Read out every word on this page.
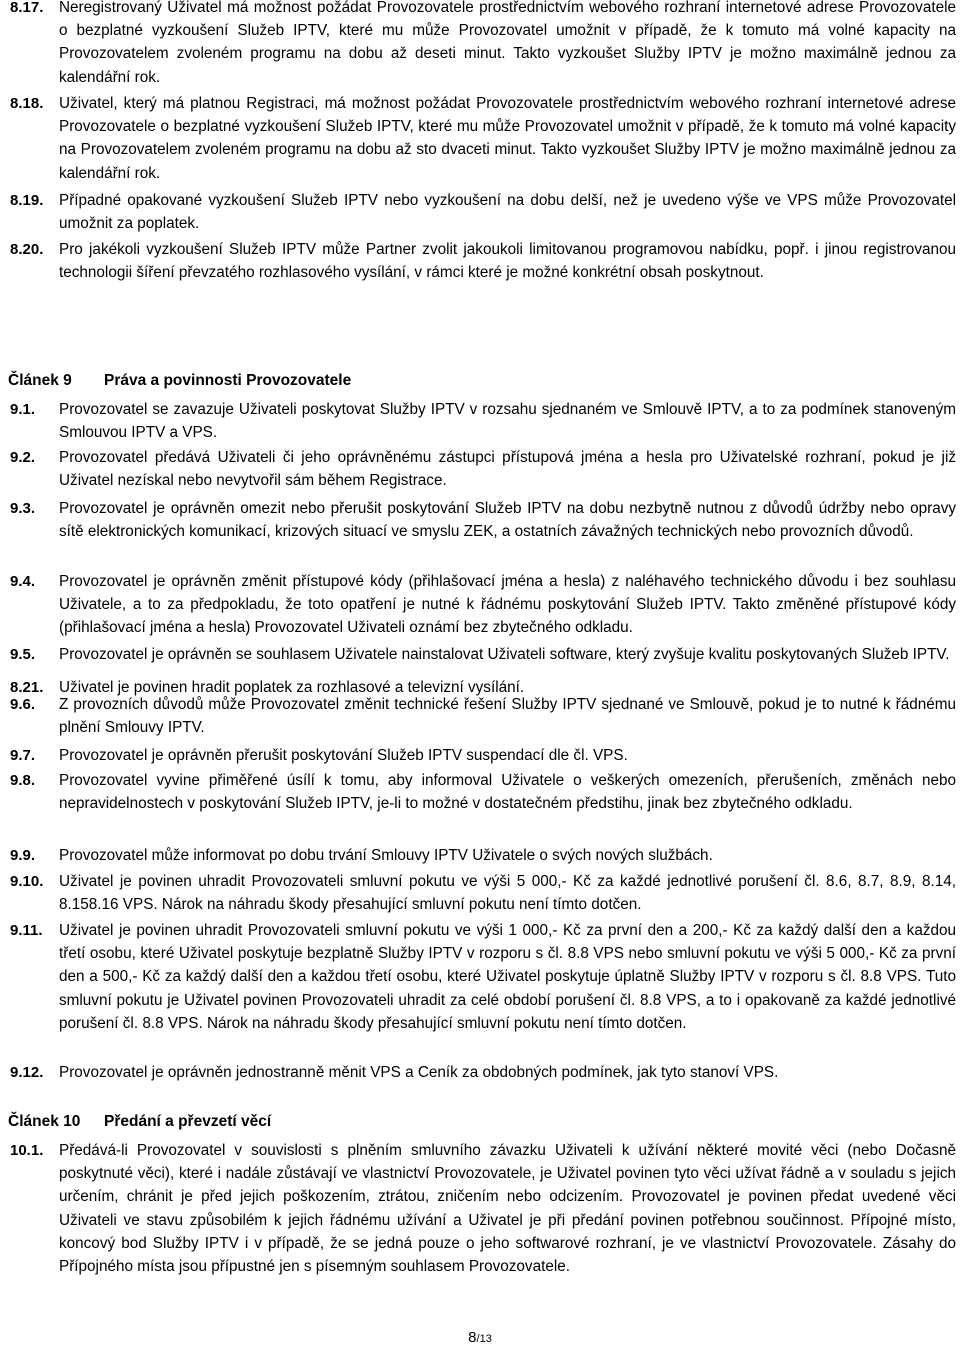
8.17. Neregistrovaný Uživatel má možnost požádat Provozovatele prostřednictvím webového rozhraní internetové adrese Provozovatele o bezplatné vyzkoušení Služeb IPTV, které mu může Provozovatel umožnit v případě, že k tomuto má volné kapacity na Provozovatelem zvoleném programu na dobu až deseti minut. Takto vyzkoušet Služby IPTV je možno maximálně jednou za kalendářní rok.

8.18. Uživatel, který má platnou Registraci, má možnost požádat Provozovatele prostřednictvím webového rozhraní internetové adrese Provozovatele o bezplatné vyzkoušení Služeb IPTV, které mu může Provozovatel umožnit v případě, že k tomuto má volné kapacity na Provozovatelem zvoleném programu na dobu až sto dvaceti minut. Takto vyzkoušet Služby IPTV je možno maximálně jednou za kalendářní rok.

8.19. Případné opakované vyzkoušení Služeb IPTV nebo vyzkoušení na dobu delší, než je uvedeno výše ve VPS může Provozovatel umožnit za poplatek.

8.20. Pro jakékoli vyzkoušení Služeb IPTV může Partner zvolit jakoukoli limitovanou programovou nabídku, popř. i jinou registrovanou technologii šíření převzatého rozhlasového vysílání, v rámci které je možné konkrétní obsah poskytnout.

8.21. Uživatel je povinen hradit poplatek za rozhlasové a televizní vysílání.

Článek 9 Práva a povinnosti Provozovatele
9.1. Provozovatel se zavazuje Uživateli poskytovat Služby IPTV v rozsahu sjednaném ve Smlouvě IPTV, a to za podmínek stanoveným Smlouvou IPTV a VPS.

9.2. Provozovatel předává Uživateli či jeho oprávněnému zástupci přístupová jména a hesla pro Uživatelské rozhraní, pokud je již Uživatel nezískal nebo nevytvořil sám během Registrace.

9.3. Provozovatel je oprávněn omezit nebo přerušit poskytování Služeb IPTV na dobu nezbytně nutnou z důvodů údržby nebo opravy sítě elektronických komunikací, krizových situací ve smyslu ZEK, a ostatních závažných technických nebo provozních důvodů.

9.4. Provozovatel je oprávněn změnit přístupové kódy (přihlašovací jména a hesla) z naléhavého technického důvodu i bez souhlasu Uživatele, a to za předpokladu, že toto opatření je nutné k řádnému poskytování Služeb IPTV. Takto změněné přístupové kódy (přihlašovací jména a hesla) Provozovatel Uživateli oznámí bez zbytečného odkladu.

9.5. Provozovatel je oprávněn se souhlasem Uživatele nainstalovat Uživateli software, který zvyšuje kvalitu poskytovaných Služeb IPTV.

9.6. Z provozních důvodů může Provozovatel změnit technické řešení Služby IPTV sjednané ve Smlouvě, pokud je to nutné k řádnému plnění Smlouvy IPTV.

9.7. Provozovatel je oprávněn přerušit poskytování Služeb IPTV suspendací dle čl. VPS.

9.8. Provozovatel vyvine přiměřené úsílí k tomu, aby informoval Uživatele o veškerých omezeních, přerušeních, změnách nebo nepravidelnostech v poskytování Služeb IPTV, je-li to možné v dostatečném předstihu, jinak bez zbytečného odkladu.

9.9. Provozovatel může informovat po dobu trvání Smlouvy IPTV Uživatele o svých nových službách.

9.10. Uživatel je povinen uhradit Provozovateli smluvní pokutu ve výši 5 000,- Kč za každé jednotlivé porušení čl. 8.6, 8.7, 8.9, 8.14, 8.158.16 VPS. Nárok na náhradu škody přesahující smluvní pokutu není tímto dotčen.

9.11. Uživatel je povinen uhradit Provozovateli smluvní pokutu ve výši 1 000,- Kč za první den a 200,- Kč za každý další den a každou třetí osobu, které Uživatel poskytuje bezplatně Služby IPTV v rozporu s čl. 8.8 VPS nebo smluvní pokutu ve výši 5 000,- Kč za první den a 500,- Kč za každý další den a každou třetí osobu, které Uživatel poskytuje úplatně Služby IPTV v rozporu s čl. 8.8 VPS. Tuto smluvní pokutu je Uživatel povinen Provozovateli uhradit za celé období porušení čl. 8.8 VPS, a to i opakovaně za každé jednotlivé porušení čl. 8.8 VPS. Nárok na náhradu škody přesahující smluvní pokutu není tímto dotčen.

9.12. Provozovatel je oprávněn jednostranně měnit VPS a Ceník za obdobných podmínek, jak tyto stanoví VPS.

Článek 10 Předání a převzetí věcí
10.1. Předává-li Provozovatel v souvislosti s plněním smluvního závazku Uživateli k užívání některé movité věci (nebo Dočasně poskytnuté věci), které i nadále zůstávají ve vlastnictví Provozovatele, je Uživatel povinen tyto věci užívat řádně a v souladu s jejich určením, chránit je před jejich poškozením, ztrátou, zničením nebo odcizením. Provozovatel je povinen předat uvedené věci Uživateli ve stavu způsobilém k jejich řádnému užívání a Uživatel je při předání povinen potřebnou součinnost. Přípojné místo, koncový bod Služby IPTV i v případě, že se jedná pouze o jeho softwarové rozhraní, je ve vlastnictví Provozovatele. Zásahy do Přípojného místa jsou přípustné jen s písemným souhlasem Provozovatele.

8/13
